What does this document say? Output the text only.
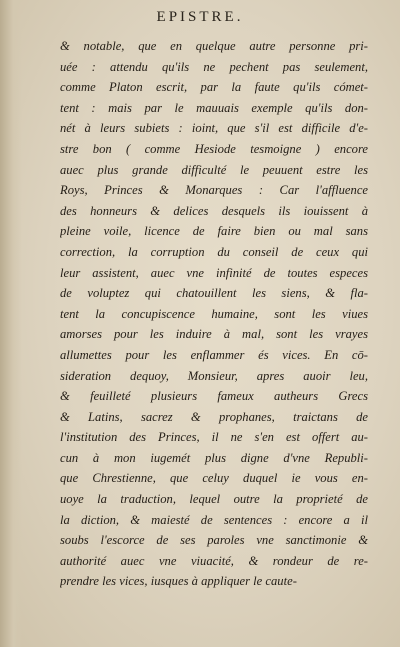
EPISTRE.
& notable, que en quelque autre personne pri-
uée : attendu qu'ils ne pechent pas seulement,
comme Platon escrit, par la faute qu'ils cómet-
tent : mais par le mauuais exemple qu'ils don-
nét à leurs subiets : ioint, que s'il est difficile d'e-
stre bon ( comme Hesiode tesmoigne ) encore
auec plus grande difficulté le peuuent estre les
Roys, Princes & Monarques : Car l'affluence
des honneurs & delices desquels ils iouissent à
pleine voile, licence de faire bien ou mal sans
correction, la corruption du conseil de ceux qui
leur assistent, auec vne infinité de toutes especes
de voluptez qui chatouillent les siens, & fla-
tent la concupiscence humaine, sont les viues
amorses pour les induire à mal, sont les vrayes
allumettes pour les enflammer és vices. En cō-
sideration dequoy, Monsieur, apres auoir leu,
& feuilleté plusieurs fameux autheurs Grecs
& Latins, sacrez & prophanes, traictans de
l'institution des Princes, il ne s'en est offert au-
cun à mon iugemét plus digne d'vne Republi-
que Chrestienne, que celuy duquel ie vous en-
uoye la traduction, lequel outre la proprieté de
la diction, & maiesté de sentences : encore a il
soubs l'escorce de ses paroles vne sanctimonie &
authorité auec vne viuacité, & rondeur de re-
prendre les vices, iusques à appliquer le caute-
